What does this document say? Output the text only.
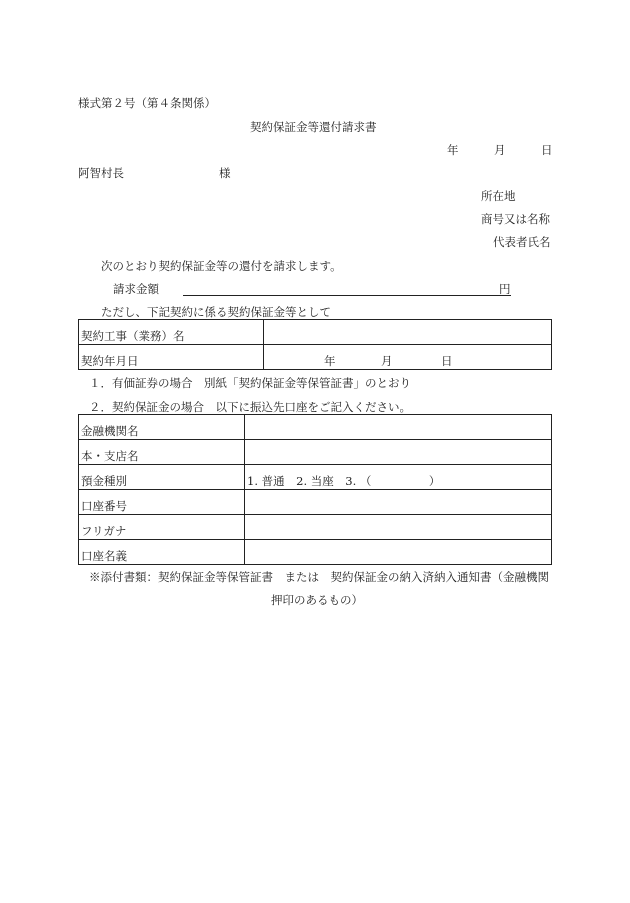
様式第２号（第４条関係）
契約保証金等還付請求書
年	月	日
阿智村長	様
所在地
商号又は名称
代表者氏名
次のとおり契約保証金等の還付を請求します。
請求金額	円
ただし、下記契約に係る契約保証金等として
契約工事（業務）名	
契約年月日	年 月 日
１．有価証券の場合　別紙「契約保証金等保管証書」のとおり
２．契約保証金の場合　以下に振込先口座をご記入ください。
金融機関名	
本・支店名	
預金種別	1. 普通　2. 当座　3. （　　　　　）
口座番号	
フリガナ	
口座名義	
※添付書類：契約保証金等保管証書　または　契約保証金の納入済納入通知書（金融機関
押印のあるもの）
